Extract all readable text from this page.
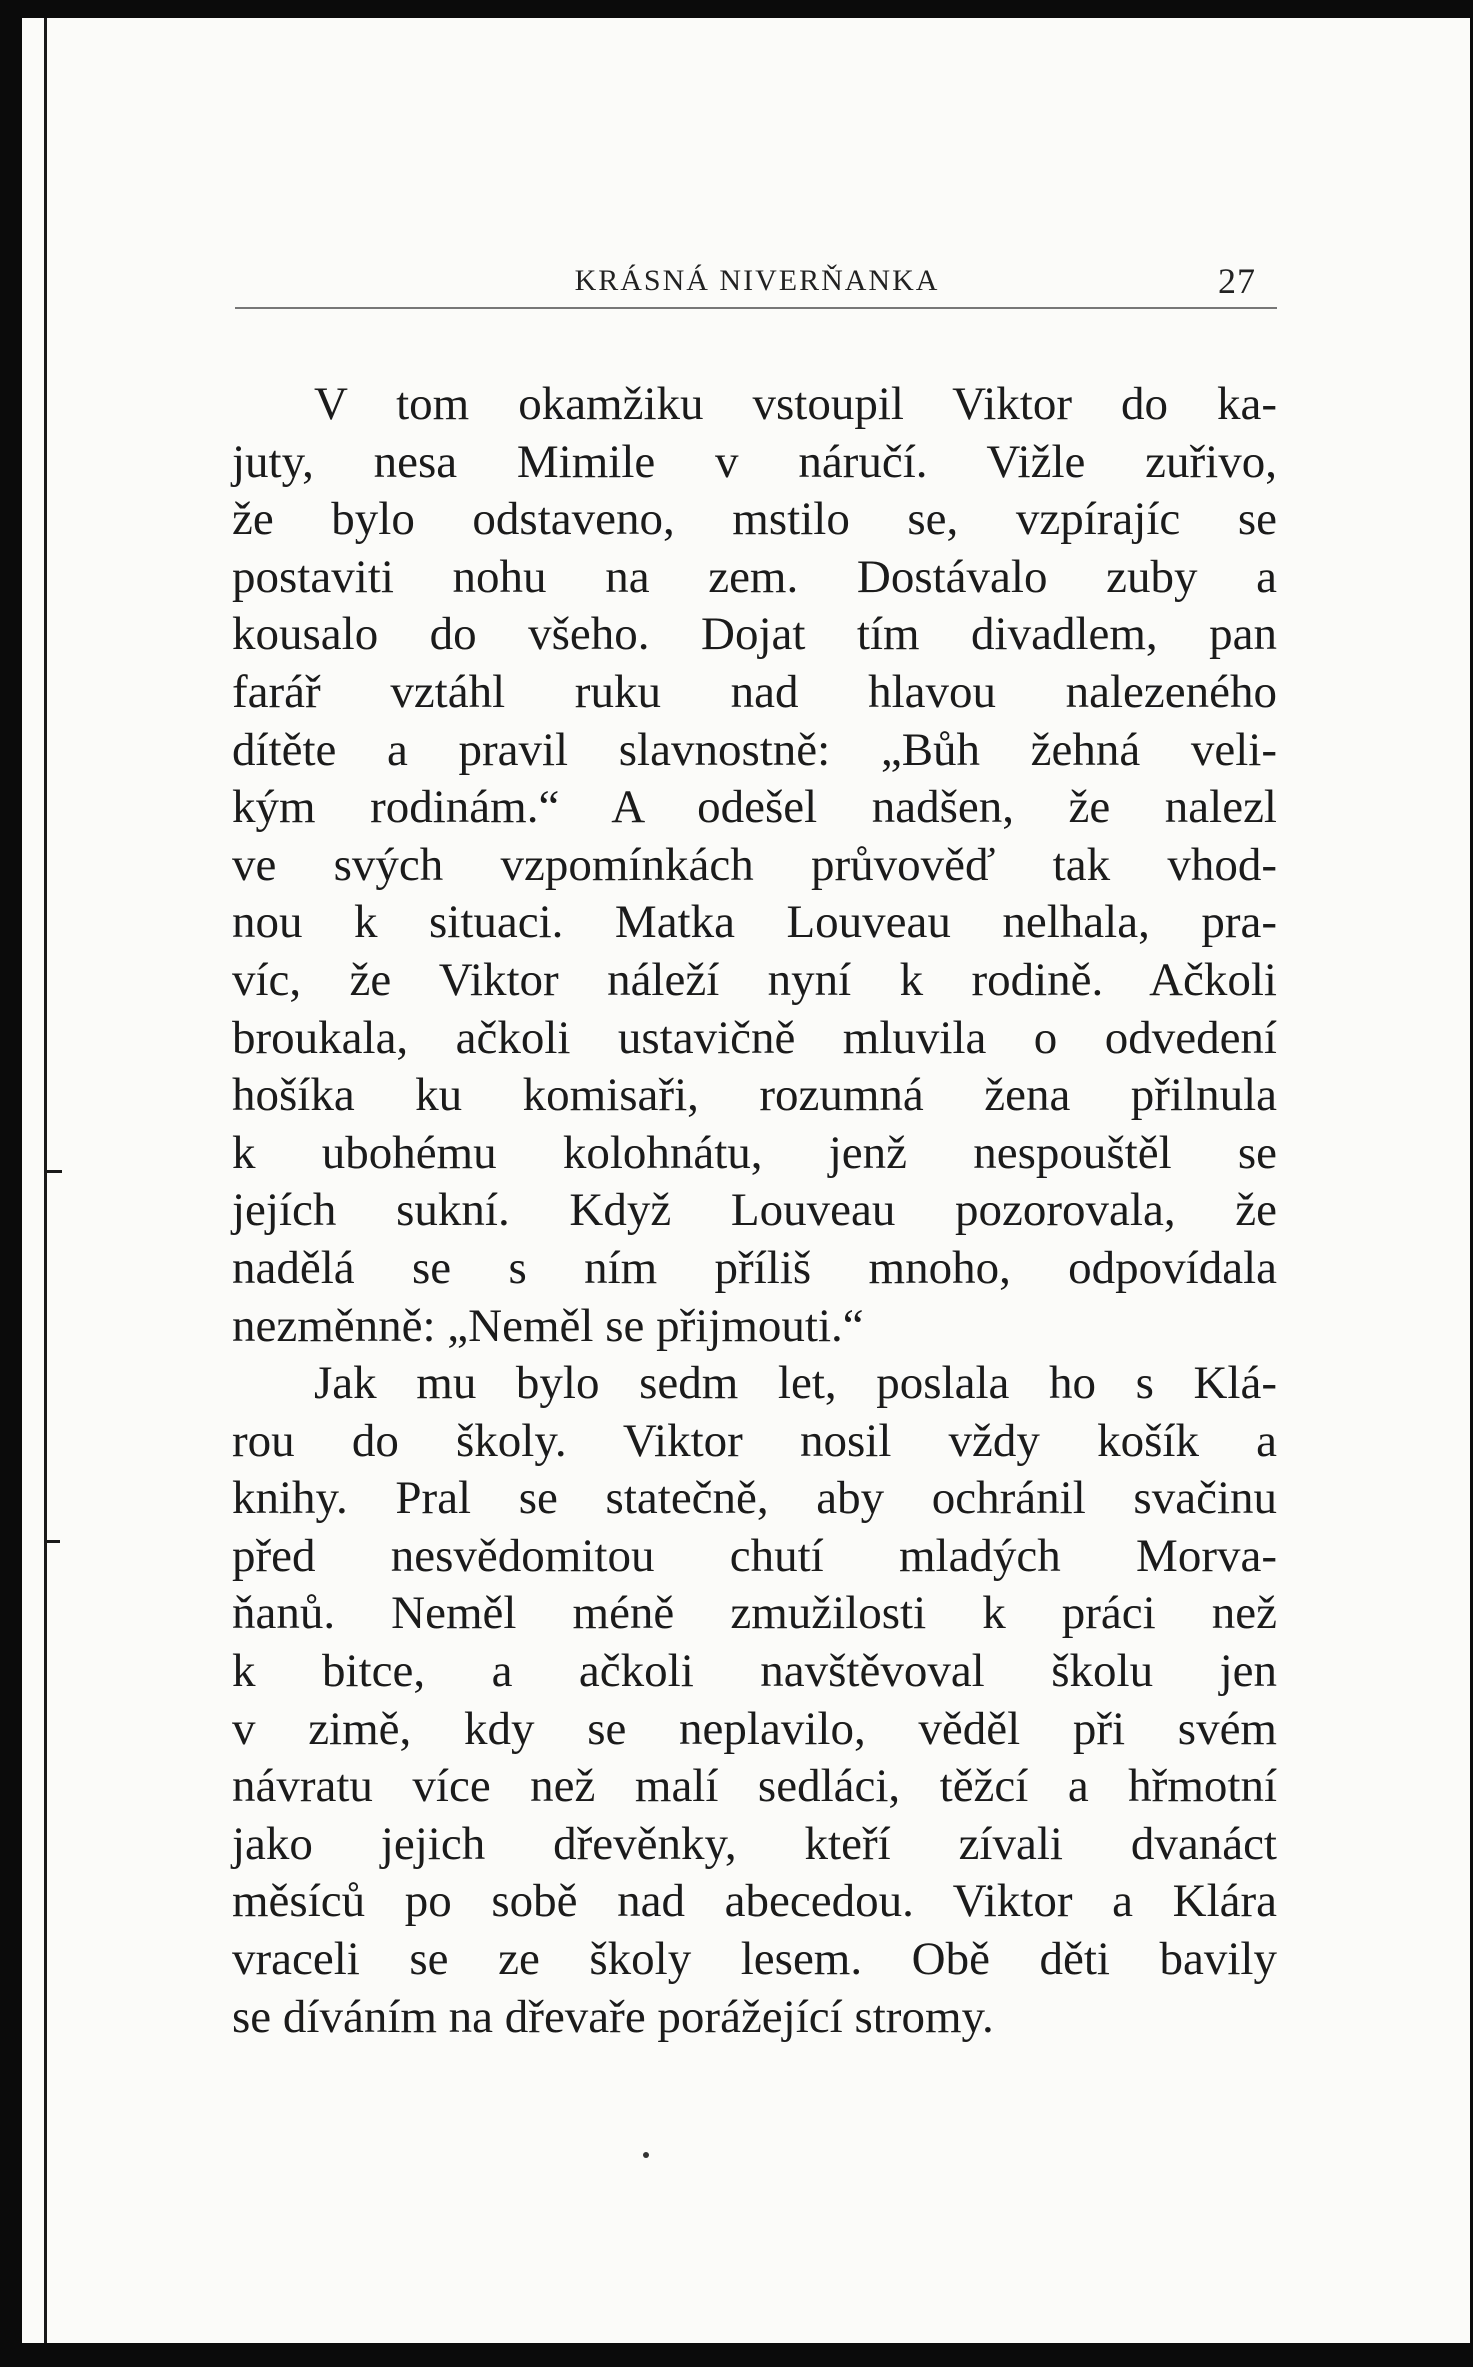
KRÁSNÁ NIVERŇANKA	27
V tom okamžiku vstoupil Viktor do ka-
juty, nesa Mimile v náručí. Vižle zuřivo,
že bylo odstaveno, mstilo se, vzpírajíc se
postaviti nohu na zem. Dostávalo zuby a
kousalo do všeho. Dojat tím divadlem, pan
farář vztáhl ruku nad hlavou nalezeného
dítěte a pravil slavnostně: „Bůh žehná veli-
kým rodinám.“ A odešel nadšen, že nalezl
ve svých vzpomínkách průvověď tak vhod-
nou k situaci. Matka Louveau nelhala, pra-
víc, že Viktor náleží nyní k rodině. Ačkoli
broukala, ačkoli ustavičně mluvila o odvedení
hošíka ku komisaři, rozumná žena přilnula
k ubohému kolohnátu, jenž nespouštěl se
jejích sukní. Když Louveau pozorovala, že
nadělá se s ním příliš mnoho, odpovídala
nezměnně: „Neměl se přijmouti.“
Jak mu bylo sedm let, poslala ho s Klá-
rou do školy. Viktor nosil vždy košík a
knihy. Pral se statečně, aby ochránil svačinu
před nesvědomitou chutí mladých Morva-
ňanů. Neměl méně zmužilosti k práci než
k bitce, a ačkoli navštěvoval školu jen
v zimě, kdy se neplavilo, věděl při svém
návratu více než malí sedláci, těžcí a hřmotní
jako jejich dřevěnky, kteří zívali dvanáct
měsíců po sobě nad abecedou. Viktor a Klára
vraceli se ze školy lesem. Obě děti bavily
se díváním na dřevaře porážející stromy.
